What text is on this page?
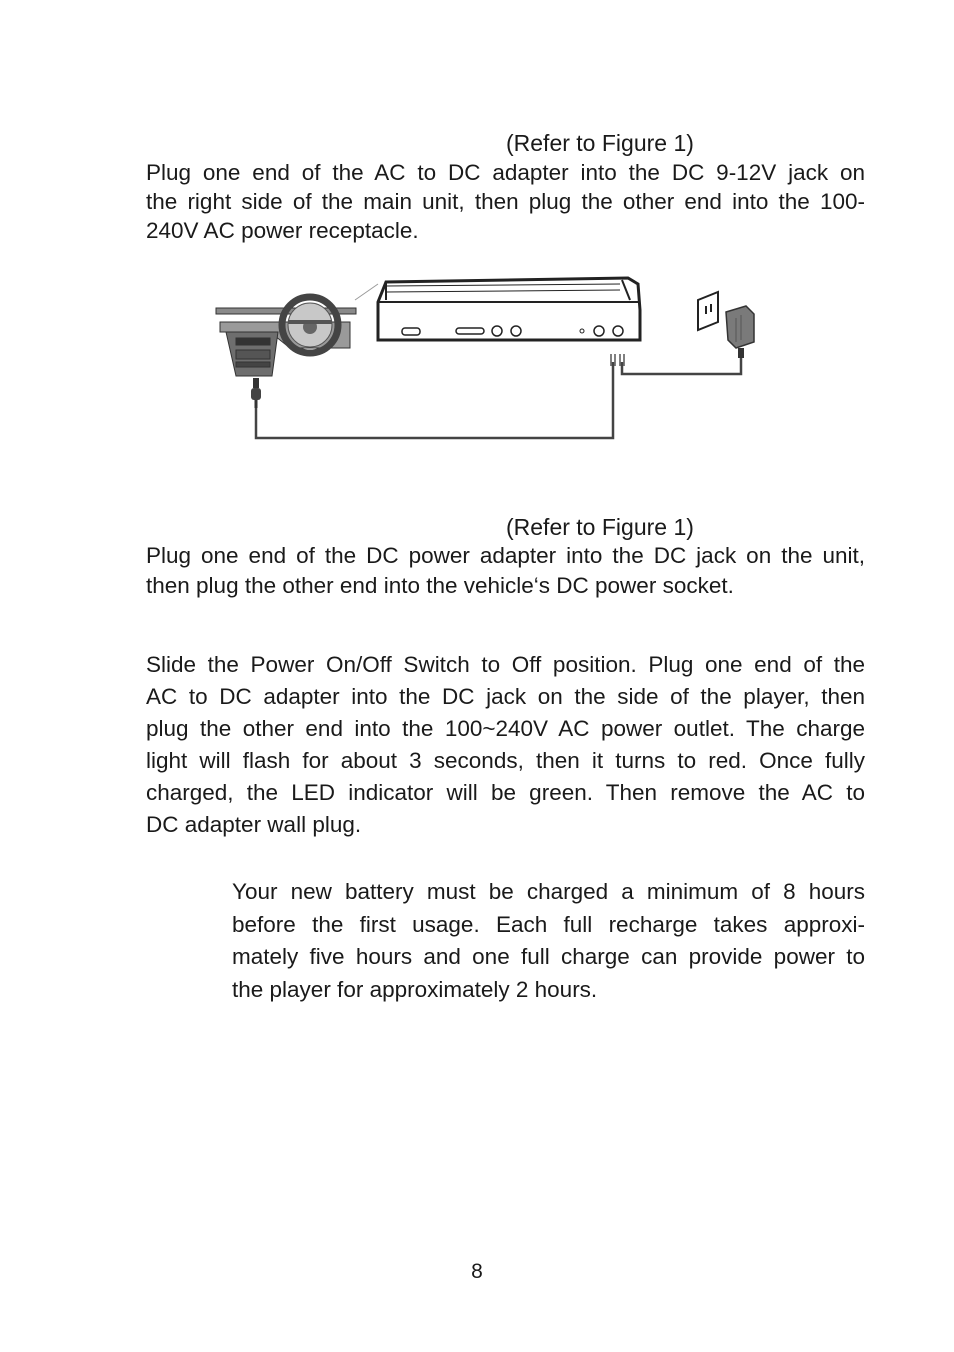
(Refer to Figure 1)
Plug one end of the AC to DC adapter into the DC 9-12V jack on
the right side of the main unit, then plug the other end into the 100-
240V AC power receptacle.
(Refer to Figure 1)
Plug one end of the DC power adapter into the DC jack on the unit,
then plug the other end into the vehicle‘s DC power socket.
Slide the Power On/Off Switch to Off position. Plug one end of the
AC to DC adapter into the DC jack on the side of the player, then
plug the other end into the 100~240V AC power outlet. The charge
light will flash for about 3 seconds, then it turns to red. Once fully
charged, the LED indicator will be green. Then remove the AC to
DC adapter wall plug.
Your new battery must be charged a minimum of 8 hours
before the first usage. Each full recharge takes approxi-
mately five hours and one full charge can provide power to
the player for approximately 2 hours.
8
